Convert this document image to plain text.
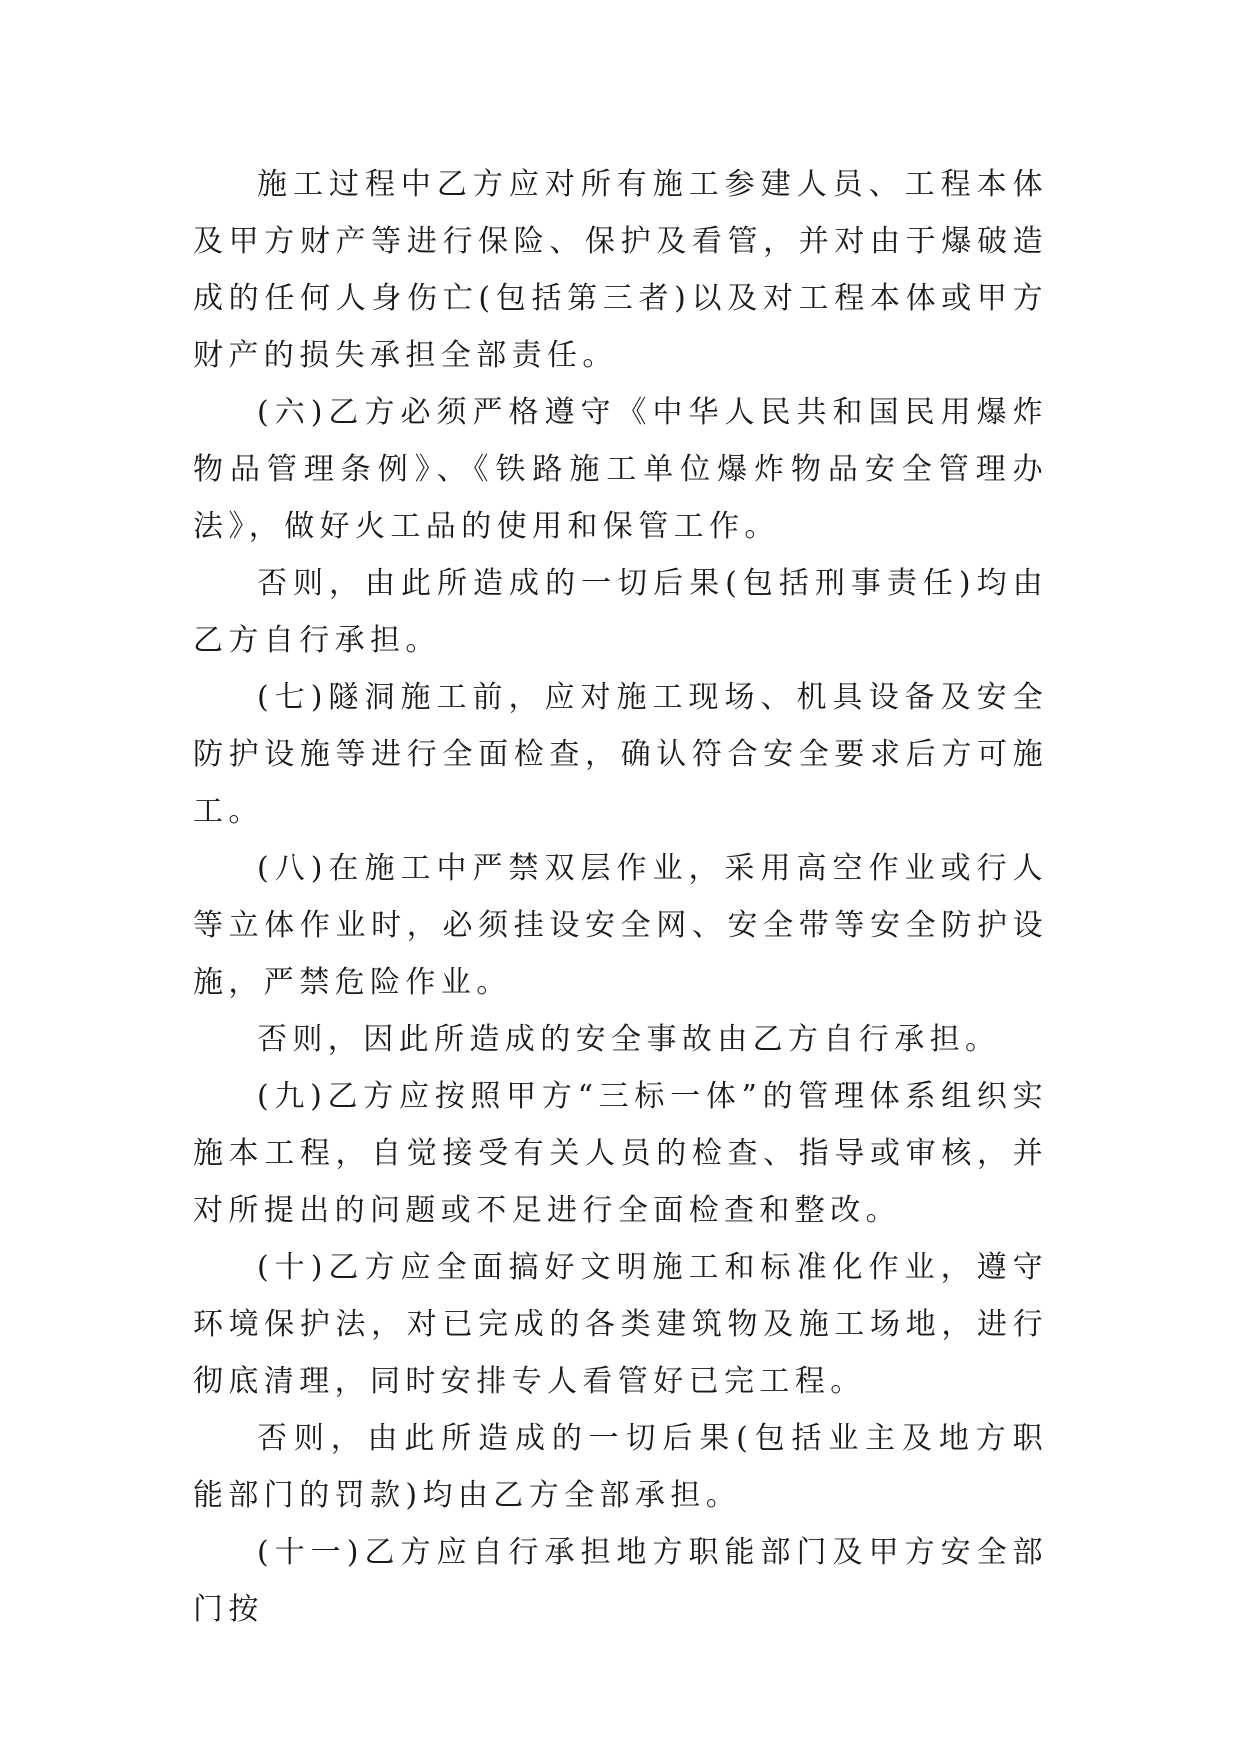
施工过程中乙方应对所有施工参建人员、工程本体及甲方财产等进行保险、保护及看管，并对由于爆破造成的任何人身伤亡(包括第三者)以及对工程本体或甲方财产的损失承担全部责任。

(六)乙方必须严格遵守《中华人民共和国民用爆炸物品管理条例》、《铁路施工单位爆炸物品安全管理办法》，做好火工品的使用和保管工作。

否则，由此所造成的一切后果(包括刑事责任)均由乙方自行承担。

(七)隧洞施工前，应对施工现场、机具设备及安全防护设施等进行全面检查，确认符合安全要求后方可施工。

(八)在施工中严禁双层作业，采用高空作业或行人等立体作业时，必须挂设安全网、安全带等安全防护设施，严禁危险作业。

否则，因此所造成的安全事故由乙方自行承担。

(九)乙方应按照甲方“三标一体”的管理体系组织实施本工程，自觉接受有关人员的检查、指导或审核，并对所提出的问题或不足进行全面检查和整改。

(十)乙方应全面搞好文明施工和标准化作业，遵守环境保护法，对已完成的各类建筑物及施工场地，进行彻底清理，同时安排专人看管好已完工程。

否则，由此所造成的一切后果(包括业主及地方职能部门的罚款)均由乙方全部承担。

(十一)乙方应自行承担地方职能部门及甲方安全部门按
